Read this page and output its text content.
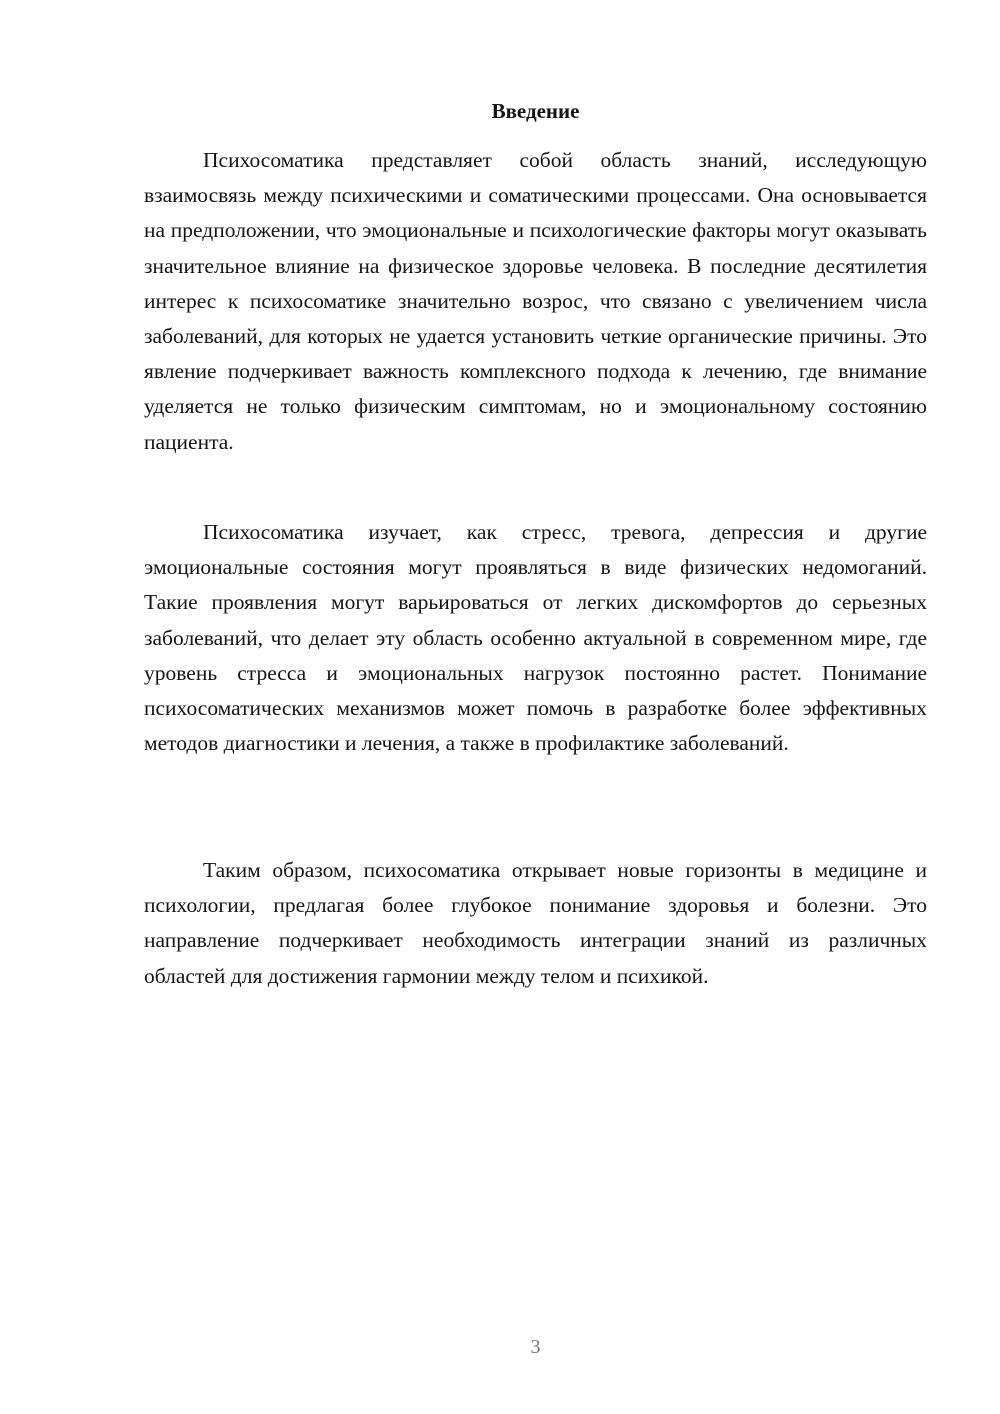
Введение

Психосоматика представляет собой область знаний, исследующую взаимосвязь между психическими и соматическими процессами. Она основывается на предположении, что эмоциональные и психологические факторы могут оказывать значительное влияние на физическое здоровье человека. В последние десятилетия интерес к психосоматике значительно возрос, что связано с увеличением числа заболеваний, для которых не удается установить четкие органические причины. Это явление подчеркивает важность комплексного подхода к лечению, где внимание уделяется не только физическим симптомам, но и эмоциональному состоянию пациента.

Психосоматика изучает, как стресс, тревога, депрессия и другие эмоциональные состояния могут проявляться в виде физических недомоганий. Такие проявления могут варьироваться от легких дискомфортов до серьезных заболеваний, что делает эту область особенно актуальной в современном мире, где уровень стресса и эмоциональных нагрузок постоянно растет. Понимание психосоматических механизмов может помочь в разработке более эффективных методов диагностики и лечения, а также в профилактике заболеваний.

Таким образом, психосоматика открывает новые горизонты в медицине и психологии, предлагая более глубокое понимание здоровья и болезни. Это направление подчеркивает необходимость интеграции знаний из различных областей для достижения гармонии между телом и психикой.

3
